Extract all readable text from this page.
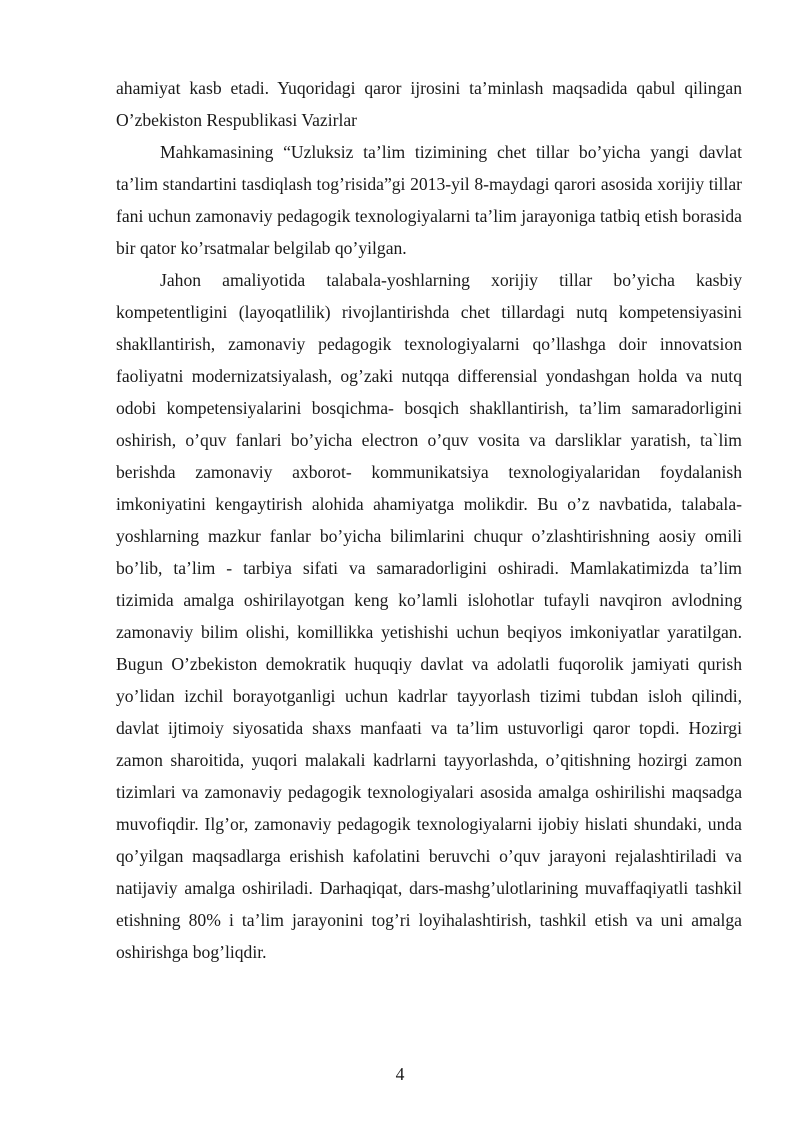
ahamiyat kasb etadi. Yuqoridagi qaror ijrosini ta’minlash maqsadida qabul qilingan O’zbekiston Respublikasi Vazirlar

Mahkamasining “Uzluksiz ta’lim tizimining chet tillar bo’yicha yangi davlat ta’lim standartini tasdiqlash tog’risida”gi 2013-yil 8-maydagi qarori asosida xorijiy tillar fani uchun zamonaviy pedagogik texnologiyalarni ta’lim jarayoniga tatbiq etish borasida bir qator ko’rsatmalar belgilab qo’yilgan.

Jahon amaliyotida talabala-yoshlarning xorijiy tillar bo’yicha kasbiy kompetentligini (layoqatlilik) rivojlantirishda chet tillardagi nutq kompetensiyasini shakllantirish, zamonaviy pedagogik texnologiyalarni qo’llashga doir innovatsion faoliyatni modernizatsiyalash, og’zaki nutqqa differensial yondashgan holda va nutq odobi kompetensiyalarini bosqichma- bosqich shakllantirish, ta’lim samaradorligini oshirish, o’quv fanlari bo’yicha electron o’quv vosita va darsliklar yaratish, ta`lim berishda zamonaviy axborot- kommunikatsiya texnologiyalaridan foydalanish imkoniyatini kengaytirish alohida ahamiyatga molikdir. Bu o’z navbatida, talabala-yoshlarning mazkur fanlar bo’yicha bilimlarini chuqur o’zlashtirishning aosiy omili bo’lib, ta’lim - tarbiya sifati va samaradorligini oshiradi. Mamlakatimizda ta’lim tizimida amalga oshirilayotgan keng ko’lamli islohotlar tufayli navqiron avlodning zamonaviy bilim olishi, komillikka yetishishi uchun beqiyos imkoniyatlar yaratilgan. Bugun O’zbekiston demokratik huquqiy davlat va adolatli fuqorolik jamiyati qurish yo’lidan izchil borayotganligi uchun kadrlar tayyorlash tizimi tubdan isloh qilindi, davlat ijtimoiy siyosatida shaxs manfaati va ta’lim ustuvorligi qaror topdi. Hozirgi zamon sharoitida, yuqori malakali kadrlarni tayyorlashda, o’qitishning hozirgi zamon tizimlari va zamonaviy pedagogik texnologiyalari asosida amalga oshirilishi maqsadga muvofiqdir. Ilg’or, zamonaviy pedagogik texnologiyalarni ijobiy hislati shundaki, unda qo’yilgan maqsadlarga erishish kafolatini beruvchi o’quv jarayoni rejalashtiriladi va natijaviy amalga oshiriladi. Darhaqiqat, dars-mashg’ulotlarining muvaffaqiyatli tashkil etishning 80% i ta’lim jarayonini tog’ri loyihalashtirish, tashkil etish va uni amalga oshirishga bog’liqdir.

4
